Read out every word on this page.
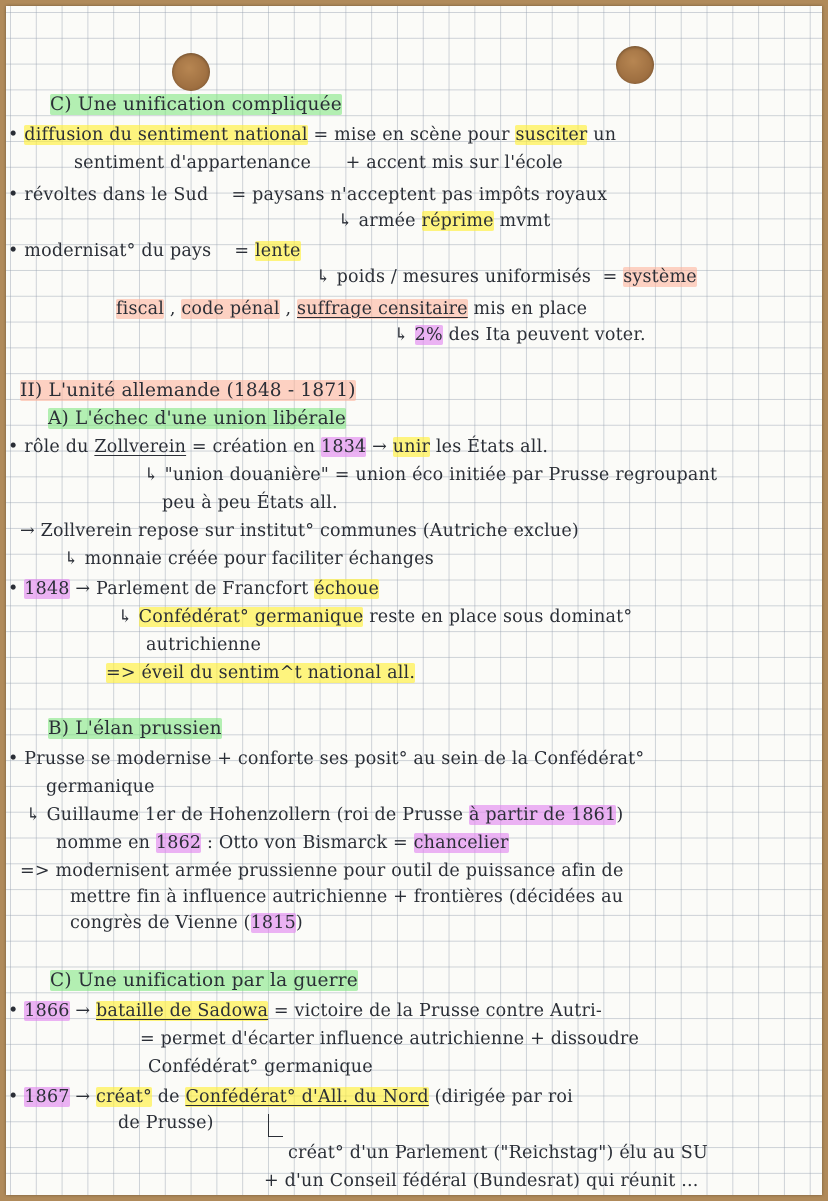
C) Une unification compliquée
• diffusion du sentiment national = mise en scène pour susciter un
sentiment d'appartenance      + accent mis sur l'école
• révoltes dans le Sud    = paysans n'acceptent pas impôts royaux
↳ armée réprime mvmt
• modernisat° du pays    = lente
↳ poids / mesures uniformisés  = système
fiscal , code pénal , suffrage censitaire mis en place
↳ 2% des Ita peuvent voter.
II) L'unité allemande (1848 - 1871)
A) L'échec d'une union libérale
• rôle du Zollverein = création en 1834 → unir les États all.
↳ "union douanière" = union éco initiée par Prusse regroupant
peu à peu États all.
→ Zollverein repose sur institut° communes (Autriche exclue)
↳ monnaie créée pour faciliter échanges
• 1848 → Parlement de Francfort échoue
↳ Confédérat° germanique reste en place sous dominat°
autrichienne
=> éveil du sentim^t national all.
B) L'élan prussien
• Prusse se modernise + conforte ses posit° au sein de la Confédérat°
germanique
↳ Guillaume 1er de Hohenzollern (roi de Prusse à partir de 1861)
nomme en 1862 : Otto von Bismarck = chancelier
=> modernisent armée prussienne pour outil de puissance afin de
mettre fin à influence autrichienne + frontières (décidées au
congrès de Vienne (1815)
C) Une unification par la guerre
• 1866 → bataille de Sadowa = victoire de la Prusse contre Autri-
= permet d'écarter influence autrichienne + dissoudre
Confédérat° germanique
• 1867 → créat° de Confédérat° d'All. du Nord (dirigée par roi
de Prusse)
créat° d'un Parlement ("Reichstag") élu au SU
+ d'un Conseil fédéral (Bundesrat) qui réunit ...
